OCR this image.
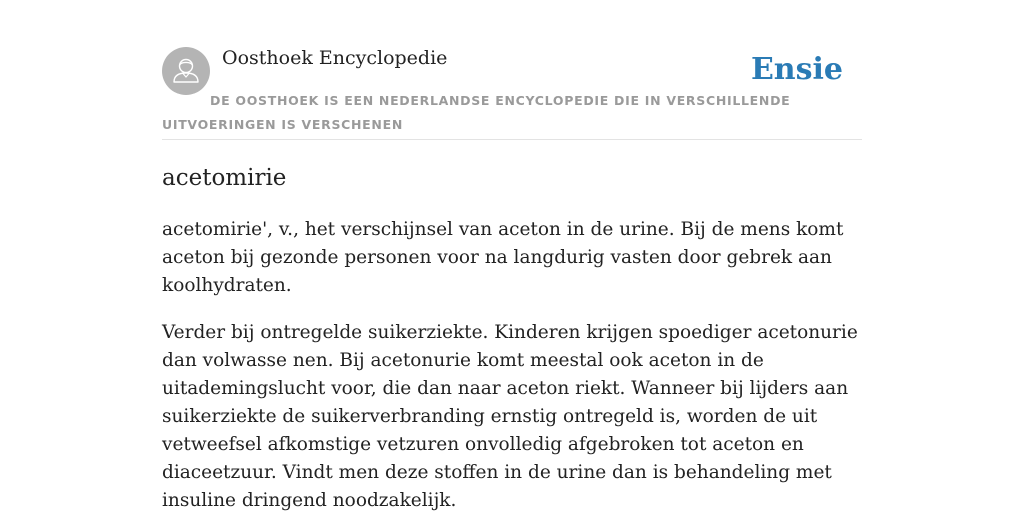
Oosthoek Encyclopedie	Ensie
DE OOSTHOEK IS EEN NEDERLANDSE ENCYCLOPEDIE DIE IN VERSCHILLENDE UITVOERINGEN IS VERSCHENEN
acetomirie

acetomirie', v., het verschijnsel van aceton in de urine. Bij de mens komt aceton bij gezonde personen voor na langdurig vasten door gebrek aan koolhydraten.

Verder bij ontregelde suikerziekte. Kinderen krijgen spoediger acetonurie dan volwasse nen. Bij acetonurie komt meestal ook aceton in de uitademingslucht voor, die dan naar aceton riekt. Wanneer bij lijders aan suikerziekte de suikerverbranding ernstig ontregeld is, worden de uit vetweefsel afkomstige vetzuren onvolledig afgebroken tot aceton en diaceetzuur. Vindt men deze stoffen in de urine dan is behandeling met insuline dringend noodzakelijk.
